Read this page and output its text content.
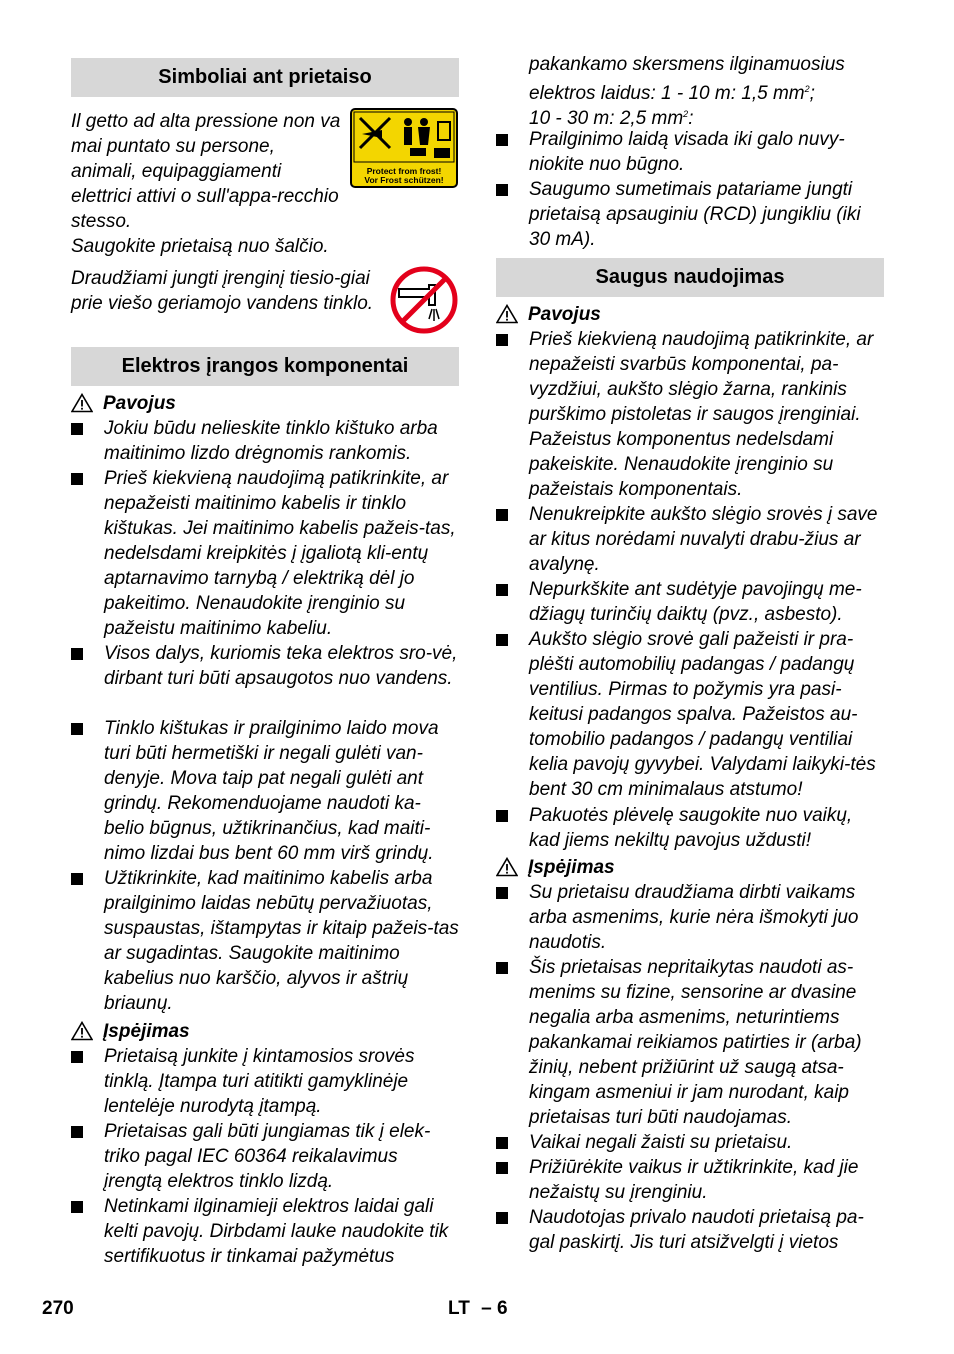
Simboliai ant prietaiso
Il getto ad alta pressione non va mai puntato su persone, animali, equipaggiamenti elettrici attivi o sull'appa-recchio stesso.
Protect from frost!
Vor Frost schützen!
Saugokite prietaisą nuo šalčio.
Draudžiami jungti įrenginį tiesio-giai prie viešo geriamojo vandens tinklo.
Elektros įrangos komponentai
Pavojus
Jokiu būdu nelieskite tinklo kištuko arba maitinimo lizdo drėgnomis rankomis.
Prieš kiekvieną naudojimą patikrinkite, ar nepažeisti maitinimo kabelis ir tinklo kištukas. Jei maitinimo kabelis pažeis-tas, nedelsdami kreipkitės į įgaliotą kli-entų aptarnavimo tarnybą / elektriką dėl jo pakeitimo. Nenaudokite įrenginio su pažeistu maitinimo kabeliu.
Visos dalys, kuriomis teka elektros sro-vė, dirbant turi būti apsaugotos nuo vandens.
Tinklo kištukas ir prailginimo laido mova turi būti hermetiški ir negali gulėti van-denyje. Mova taip pat negali gulėti ant grindų. Rekomenduojame naudoti ka-belio būgnus, užtikrinančius, kad maiti-nimo lizdai bus bent 60 mm virš grindų.
Užtikrinkite, kad maitinimo kabelis arba prailginimo laidas nebūtų pervažiuotas, suspaustas, ištampytas ir kitaip pažeis-tas ar sugadintas. Saugokite maitinimo kabelius nuo karščio, alyvos ir aštrių briaunų.
Įspėjimas
Prietaisą junkite į kintamosios srovės tinklą. Įtampa turi atitikti gamyklinėje lentelėje nurodytą įtampą.
Prietaisas gali būti jungiamas tik į elek-triko pagal IEC 60364 reikalavimus įrengtą elektros tinklo lizdą.
Netinkami ilginamieji elektros laidai gali kelti pavojų. Dirbdami lauke naudokite tik sertifikuotus ir tinkamai pažymėtus
pakankamo skersmens ilginamuosius
elektros laidus: 1 - 10 m: 1,5 $mm^2$;
10 - 30 m: 2,5 $mm^2$:
Prailginimo laidą visada iki galo nuvy-niokite nuo būgno.
Saugumo sumetimais patariame jungti prietaisą apsauginiu (RCD) jungikliu (iki 30 mA).
Saugus naudojimas
Pavojus
Prieš kiekvieną naudojimą patikrinkite, ar nepažeisti svarbūs komponentai, pa-vyzdžiui, aukšto slėgio žarna, rankinis purškimo pistoletas ir saugos įrenginiai. Pažeistus komponentus nedelsdami pakeiskite. Nenaudokite įrenginio su pažeistais komponentais.
Nenukreipkite aukšto slėgio srovės į save ar kitus norėdami nuvalyti drabu-žius ar avalynę.
Nepurkškite ant sudėtyje pavojingų me-džiagų turinčių daiktų (pvz., asbesto).
Aukšto slėgio srovė gali pažeisti ir pra-plėšti automobilių padangas / padangų ventilius. Pirmas to požymis yra pasi-keitusi padangos spalva. Pažeistos au-tomobilio padangos / padangų ventiliai kelia pavojų gyvybei. Valydami laikyki-tės bent 30 cm minimalaus atstumo!
Pakuotės plėvelę saugokite nuo vaikų, kad jiems nekiltų pavojus uždusti!
Įspėjimas
Su prietaisu draudžiama dirbti vaikams arba asmenims, kurie nėra išmokyti juo naudotis.
Šis prietaisas nepritaikytas naudoti as-menims su fizine, sensorine ar dvasine negalia arba asmenims, neturintiems pakankamai reikiamos patirties ir (arba) žinių, nebent prižiūrint už saugą atsa-kingam asmeniui ir jam nurodant, kaip prietaisas turi būti naudojamas.
Vaikai negali žaisti su prietaisu.
Prižiūrėkite vaikus ir užtikrinkite, kad jie nežaistų su įrenginiu.
Naudotojas privalo naudoti prietaisą pa-gal paskirtį. Jis turi atsižvelgti į vietos
270	LT – 6
